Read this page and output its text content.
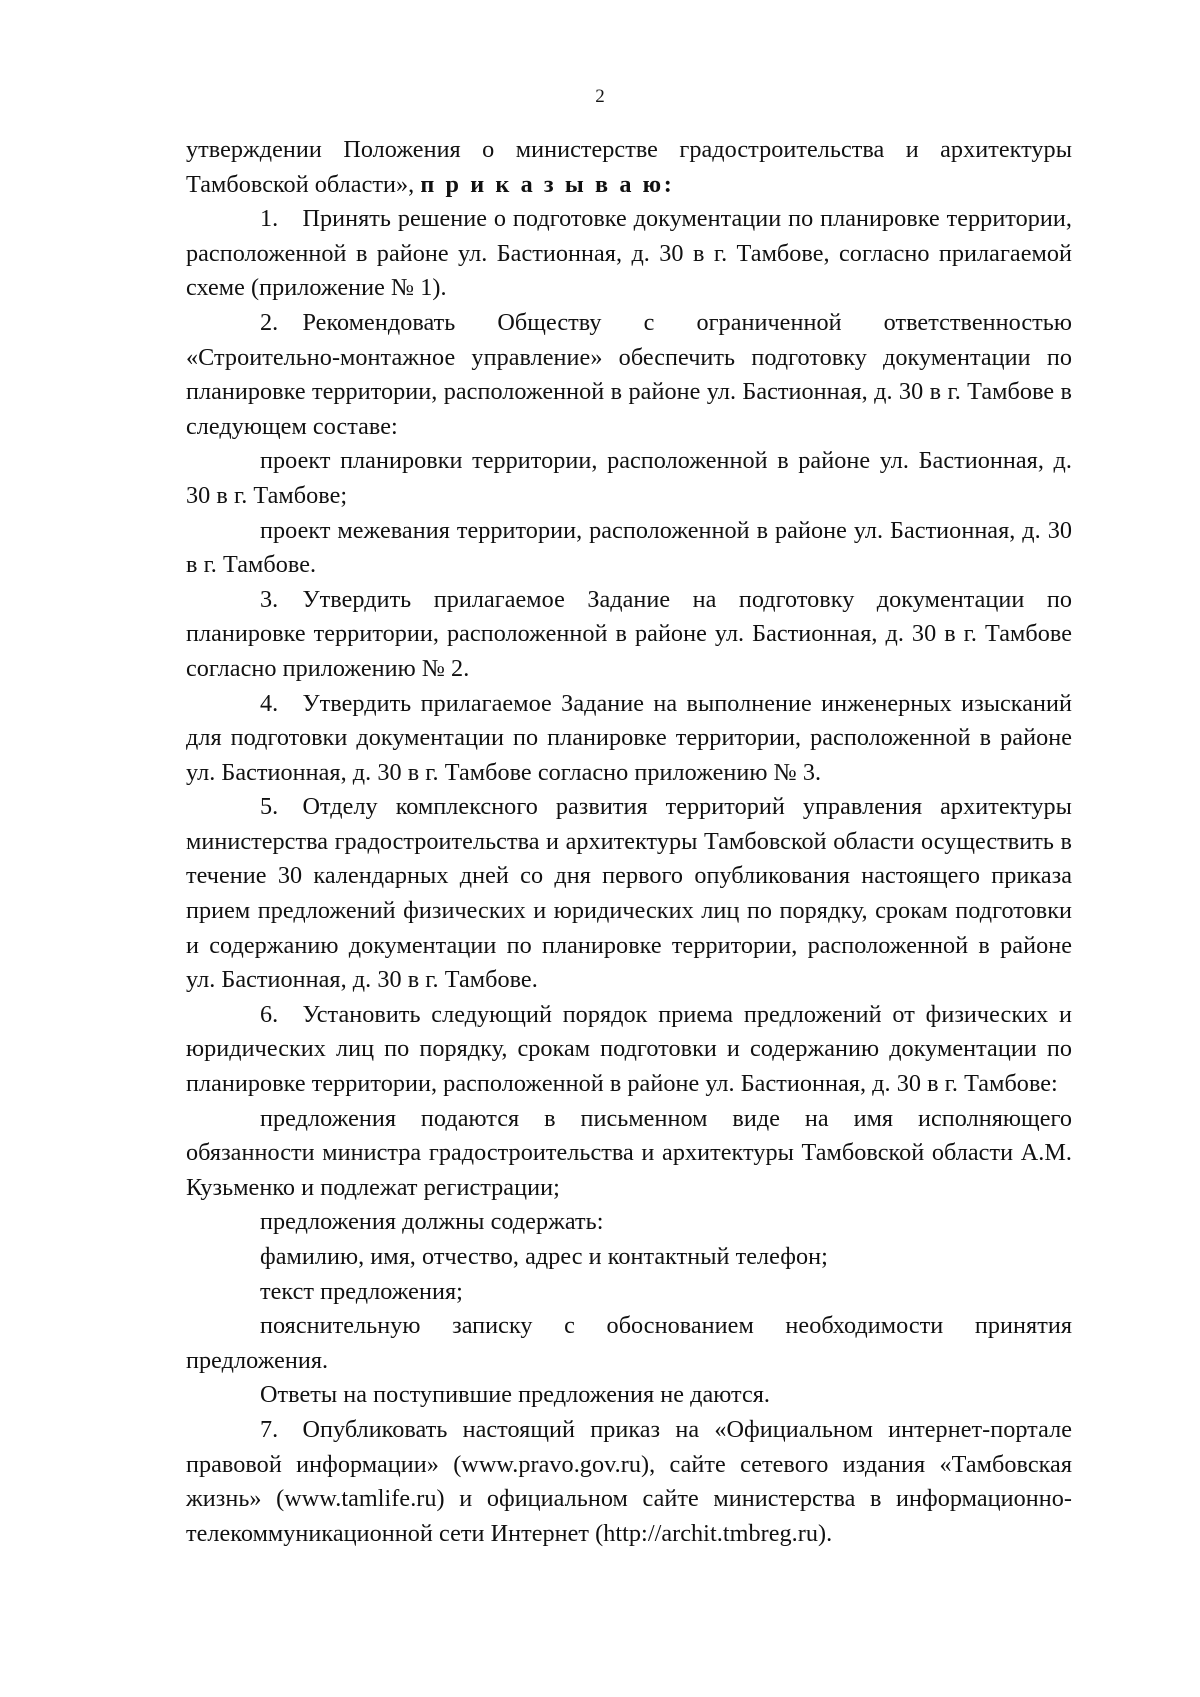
2

утверждении Положения о министерстве градостроительства и архитектуры Тамбовской области», п р и к а з ы в а ю:

1. Принять решение о подготовке документации по планировке территории, расположенной в районе ул. Бастионная, д. 30 в г. Тамбове, согласно прилагаемой схеме (приложение № 1).

2. Рекомендовать Обществу с ограниченной ответственностью «Строительно-монтажное управление» обеспечить подготовку документации по планировке территории, расположенной в районе ул. Бастионная, д. 30 в г. Тамбове в следующем составе:

проект планировки территории, расположенной в районе ул. Бастионная, д. 30 в г. Тамбове;

проект межевания территории, расположенной в районе ул. Бастионная, д. 30 в г. Тамбове.

3. Утвердить прилагаемое Задание на подготовку документации по планировке территории, расположенной в районе ул. Бастионная, д. 30 в г. Тамбове согласно приложению № 2.

4. Утвердить прилагаемое Задание на выполнение инженерных изысканий для подготовки документации по планировке территории, расположенной в районе ул. Бастионная, д. 30 в г. Тамбове согласно приложению № 3.

5. Отделу комплексного развития территорий управления архитектуры министерства градостроительства и архитектуры Тамбовской области осуществить в течение 30 календарных дней со дня первого опубликования настоящего приказа прием предложений физических и юридических лиц по порядку, срокам подготовки и содержанию документации по планировке территории, расположенной в районе ул. Бастионная, д. 30 в г. Тамбове.

6. Установить следующий порядок приема предложений от физических и юридических лиц по порядку, срокам подготовки и содержанию документации по планировке территории, расположенной в районе ул. Бастионная, д. 30 в г. Тамбове:

предложения подаются в письменном виде на имя исполняющего обязанности министра градостроительства и архитектуры Тамбовской области А.М. Кузьменко и подлежат регистрации;

предложения должны содержать:

фамилию, имя, отчество, адрес и контактный телефон;

текст предложения;

пояснительную записку с обоснованием необходимости принятия предложения.

Ответы на поступившие предложения не даются.

7. Опубликовать настоящий приказ на «Официальном интернет-портале правовой информации» (www.pravo.gov.ru), сайте сетевого издания «Тамбовская жизнь» (www.tamlife.ru) и официальном сайте министерства в информационно-телекоммуникационной сети Интернет (http://archit.tmbreg.ru).
